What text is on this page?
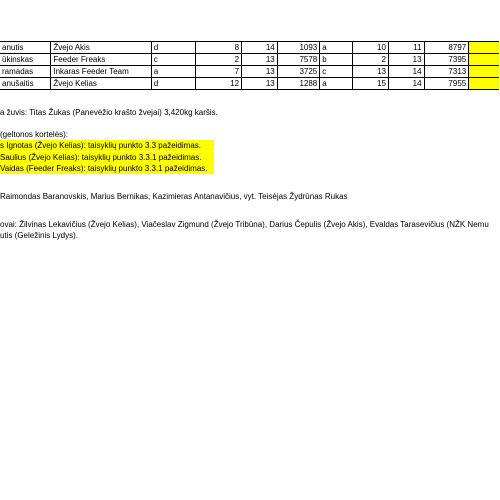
anutis	Žvejo Akis	d	8	14	1093	a	10	11	8797	
ūkinskas	Feeder Freaks	c	2	13	7578	b	2	13	7395	
ramadas	Inkaras Feeder Team	a	7	13	3725	c	13	14	7313	
anušaitis	Žvejo Kelias	d	12	13	1288	a	15	14	7955	
a žuvis: Titas Žukas (Panevėžio krašto žvejai) 3,420kg karšis.
(geltonos kortelės):
s Ignotas (Žvejo Kelias): taisyklių punkto 3.3 pažeidimas.
Saulius (Žvejo Kelias): taisyklių punkto 3.3.1 pažeidimas.
Vaidas (Feeder Freaks): taisyklių punkto 3.3.1 pažeidimas.
Raimondas Baranovskis, Marius Bernikas, Kazimieras Antanavičius, vyt. Teisėjas Žydrūnas Rukas
ovai: Žilvinas Lekavičius (Žvejo Kelias), Viačeslav Zigmund (Žvejo Tribūna), Darius Čepulis (Žvejo Akis), Evaldas Tarasevičius (NŽK Nemu
utis (Geležinis Lydys).
